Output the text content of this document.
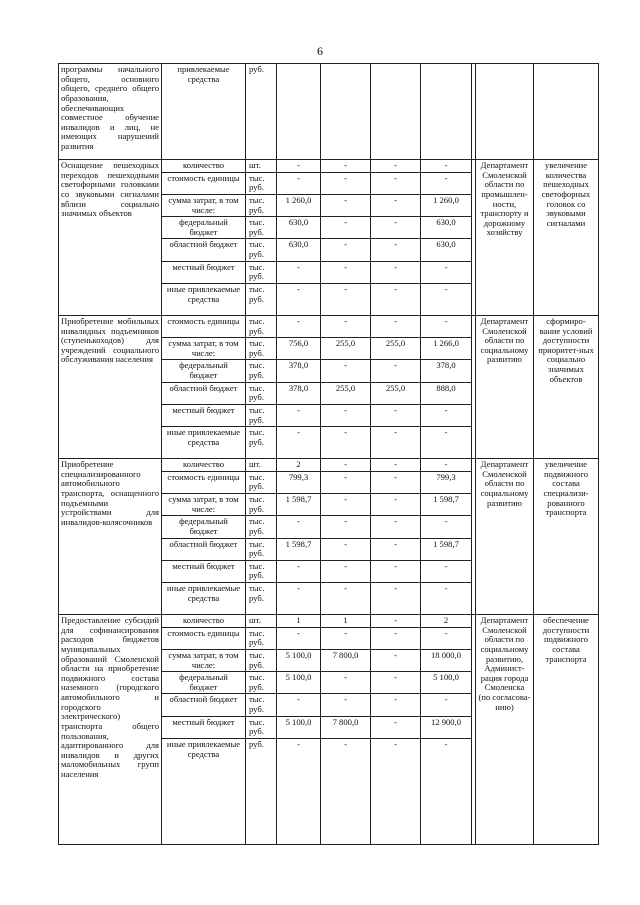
6
программы начального общего, основного общего, среднего общего образования, обеспечивающих совместное обучение инвалидов и лиц, не имеющих нарушений развития	привлекаемые средства	руб.							
Оснащение пешеходных переходов пешеходными светофорными головками со звуковыми сигналами вблизи социально значимых объектов	количество	шт.	-	-	-	-		Департамент Смоленской области по промышлен-ности, транспорту и дорожному хозяйству	увеличение количества пешеходных светофорных головок со звуковыми сигналами
	стоимость единицы	тыс. руб.	-	-	-	-			
	сумма затрат, в том числе:	тыс. руб.	1 260,0	-	-	1 260,0			
	федеральный бюджет	тыс. руб.	630,0	-	-	630,0			
	областной бюджет	тыс. руб.	630,0	-	-	630,0			
	местный бюджет	тыс. руб.	-	-	-	-			
	иные привлекаемые средства	тыс. руб.	-	-	-	-			
Приобретение мобильных инвалидных подъемников (ступенькоходов) для учреждений социального обслуживания населения	стоимость единицы	тыс. руб.	-	-	-	-		Департамент Смоленской области по социальному развитию	сформиро-вание условий доступности приоритет-ных социально значимых объектов
	сумма затрат, в том числе:	тыс. руб.	756,0	255,0	255,0	1 266,0			
	федеральный бюджет	тыс. руб.	378,0	-	-	378,0			
	областной бюджет	тыс. руб.	378,0	255,0	255,0	888,0			
	местный бюджет	тыс. руб.	-	-	-	-			
	иные привлекаемые средства	тыс. руб.	-	-	-	-			
Приобретение специализированного автомобильного транспорта, оснащенного подъемными устройствами для инвалидов-колясочников	количество	шт.	2	-	-	-		Департамент Смоленской области по социальному развитию	увеличение подвижного состава специализи-рованного транспорта
	стоимость единицы	тыс. руб.	799,3	-	-	799,3			
	сумма затрат, в том числе:	тыс. руб.	1 598,7	-	-	1 598,7			
	федеральный бюджет	тыс. руб.	-	-	-	-			
	областной бюджет	тыс. руб.	1 598,7	-	-	1 598,7			
	местный бюджет	тыс. руб.	-	-	-	-			
	иные привлекаемые средства	тыс. руб.	-	-	-	-			
Предоставление субсидий для софинансирования расходов бюджетов муниципальных образований Смоленской области на приобретение подвижного состава наземного (городского автомобильного и городского электрического) транспорта общего пользования, адаптированного для инвалидов и других маломобильных групп населения	количество	шт.	1	1	-	2		Департамент Смоленской области по социальному развитию, Админист-рация города Смоленска (по согласова-нию)	обеспечение доступности подвижного состава транспорта
	стоимость единицы	тыс. руб.	-	-	-	-			
	сумма затрат, в том числе:	тыс. руб.	5 100,0	7 800,0	-	18 000,0			
	федеральный бюджет	тыс. руб.	5 100,0	-	-	5 100,0			
	областной бюджет	тыс. руб.	-	-	-	-			
	местный бюджет	тыс. руб.	5 100,0	7 800,0	-	12 900,0			
	иные привлекаемые средства	руб.	-	-	-	-			
